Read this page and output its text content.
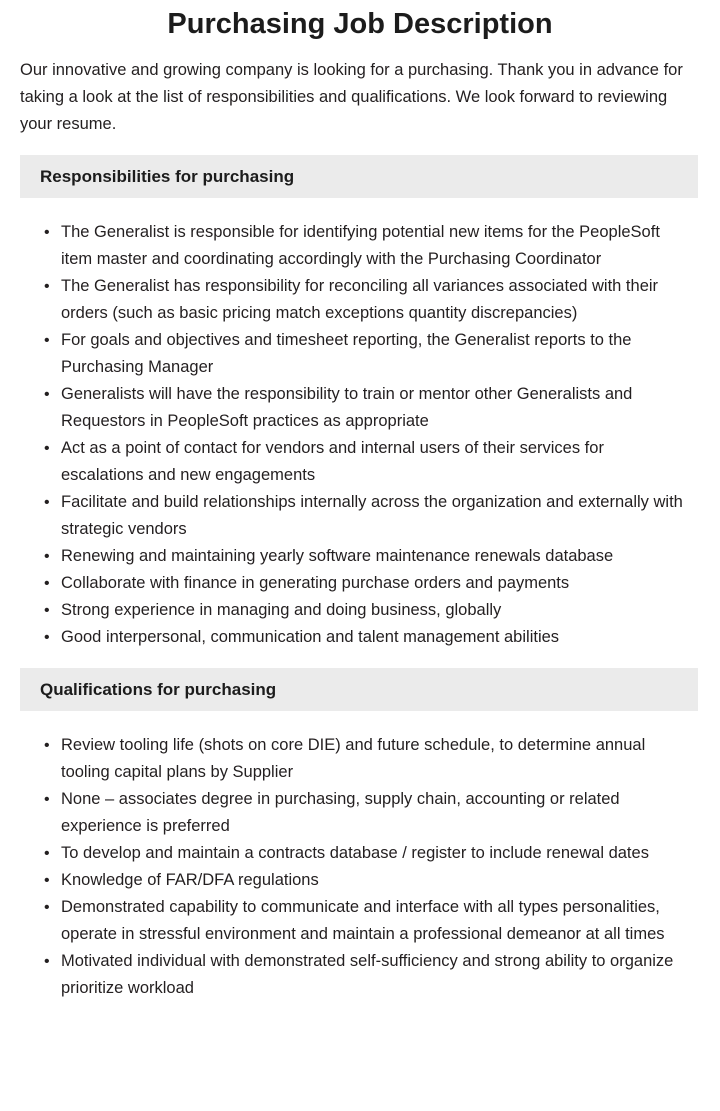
Purchasing Job Description

Our innovative and growing company is looking for a purchasing. Thank you in advance for taking a look at the list of responsibilities and qualifications. We look forward to reviewing your resume.

Responsibilities for purchasing
• The Generalist is responsible for identifying potential new items for the PeopleSoft item master and coordinating accordingly with the Purchasing Coordinator
• The Generalist has responsibility for reconciling all variances associated with their orders (such as basic pricing match exceptions quantity discrepancies)
• For goals and objectives and timesheet reporting, the Generalist reports to the Purchasing Manager
• Generalists will have the responsibility to train or mentor other Generalists and Requestors in PeopleSoft practices as appropriate
• Act as a point of contact for vendors and internal users of their services for escalations and new engagements
• Facilitate and build relationships internally across the organization and externally with strategic vendors
• Renewing and maintaining yearly software maintenance renewals database
• Collaborate with finance in generating purchase orders and payments
• Strong experience in managing and doing business, globally
• Good interpersonal, communication and talent management abilities
Qualifications for purchasing
• Review tooling life (shots on core DIE) and future schedule, to determine annual tooling capital plans by Supplier
• None – associates degree in purchasing, supply chain, accounting or related experience is preferred
• To develop and maintain a contracts database / register to include renewal dates
• Knowledge of FAR/DFA regulations
• Demonstrated capability to communicate and interface with all types personalities, operate in stressful environment and maintain a professional demeanor at all times
• Motivated individual with demonstrated self-sufficiency and strong ability to organize prioritize workload
